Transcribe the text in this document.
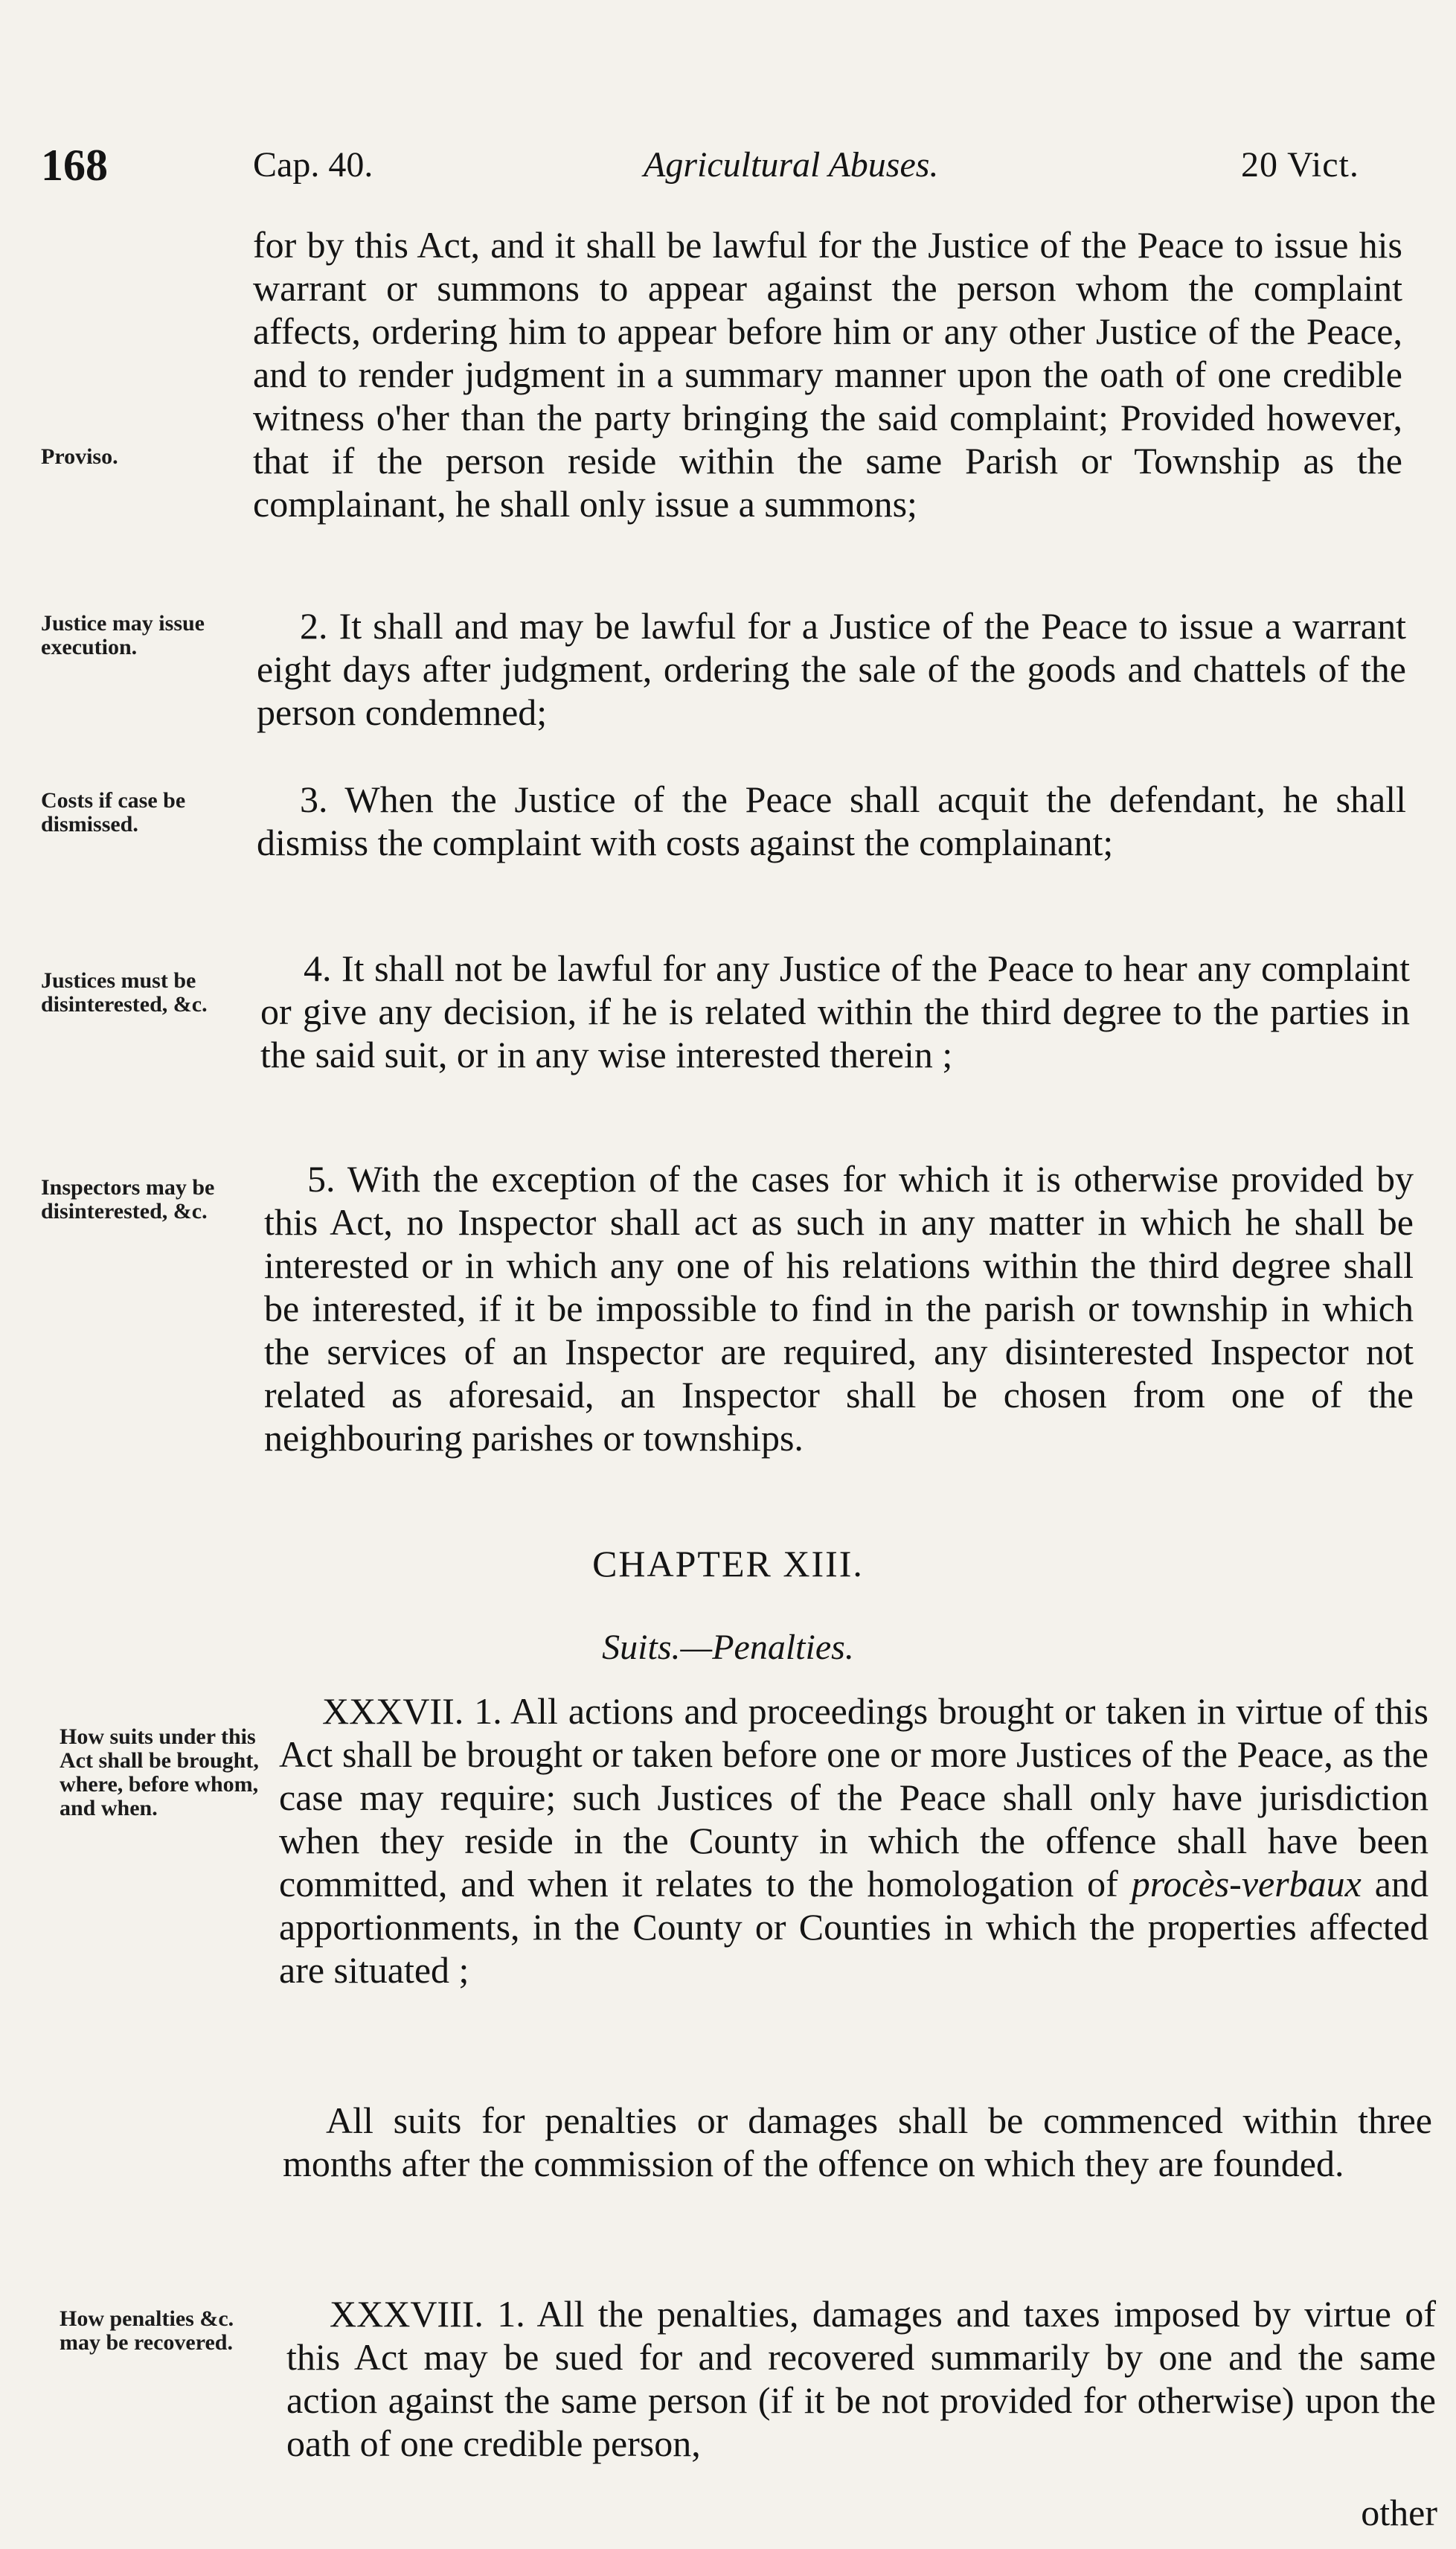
168	Cap. 40.	Agricultural Abuses.	20 Vict.

for by this Act, and it shall be lawful for the Justice of the Peace to issue his warrant or summons to appear against the person whom the complaint affects, ordering him to appear before him or any other Justice of the Peace, and to render judgment in a summary manner upon the oath of one credible witness o'her than the party bringing the said complaint; Provided however, that if the person reside within the same Parish or Township as the complainant, he shall only issue a summons;

Proviso.
Justice may issue execution.

2. It shall and may be lawful for a Justice of the Peace to issue a warrant eight days after judgment, ordering the sale of the goods and chattels of the person condemned;

Costs if case be dismissed.

3. When the Justice of the Peace shall acquit the defendant, he shall dismiss the complaint with costs against the complainant;

Justices must be disinterested, &c.

4. It shall not be lawful for any Justice of the Peace to hear any complaint or give any decision, if he is related within the third degree to the parties in the said suit, or in any wise interested therein ;

Inspectors may be disinterested, &c.

5. With the exception of the cases for which it is otherwise provided by this Act, no Inspector shall act as such in any matter in which he shall be interested or in which any one of his relations within the third degree shall be interested, if it be impossible to find in the parish or township in which the services of an Inspector are required, any disinterested Inspector not related as aforesaid, an Inspector shall be chosen from one of the neighbouring parishes or townships.

CHAPTER XIII.
Suits.—Penalties.
How suits under this Act shall be brought, where, before whom, and when.

XXXVII. 1. All actions and proceedings brought or taken in virtue of this Act shall be brought or taken before one or more Justices of the Peace, as the case may require; such Justices of the Peace shall only have jurisdiction when they reside in the County in which the offence shall have been committed, and when it relates to the homologation of procès-verbaux and apportionments, in the County or Counties in which the properties affected are situated ;

All suits for penalties or damages shall be commenced within three months after the commission of the offence on which they are founded.

How penalties &c. may be recovered.

XXXVIII. 1. All the penalties, damages and taxes imposed by virtue of this Act may be sued for and recovered summarily by one and the same action against the same person (if it be not provided for otherwise) upon the oath of one credible person,

other
